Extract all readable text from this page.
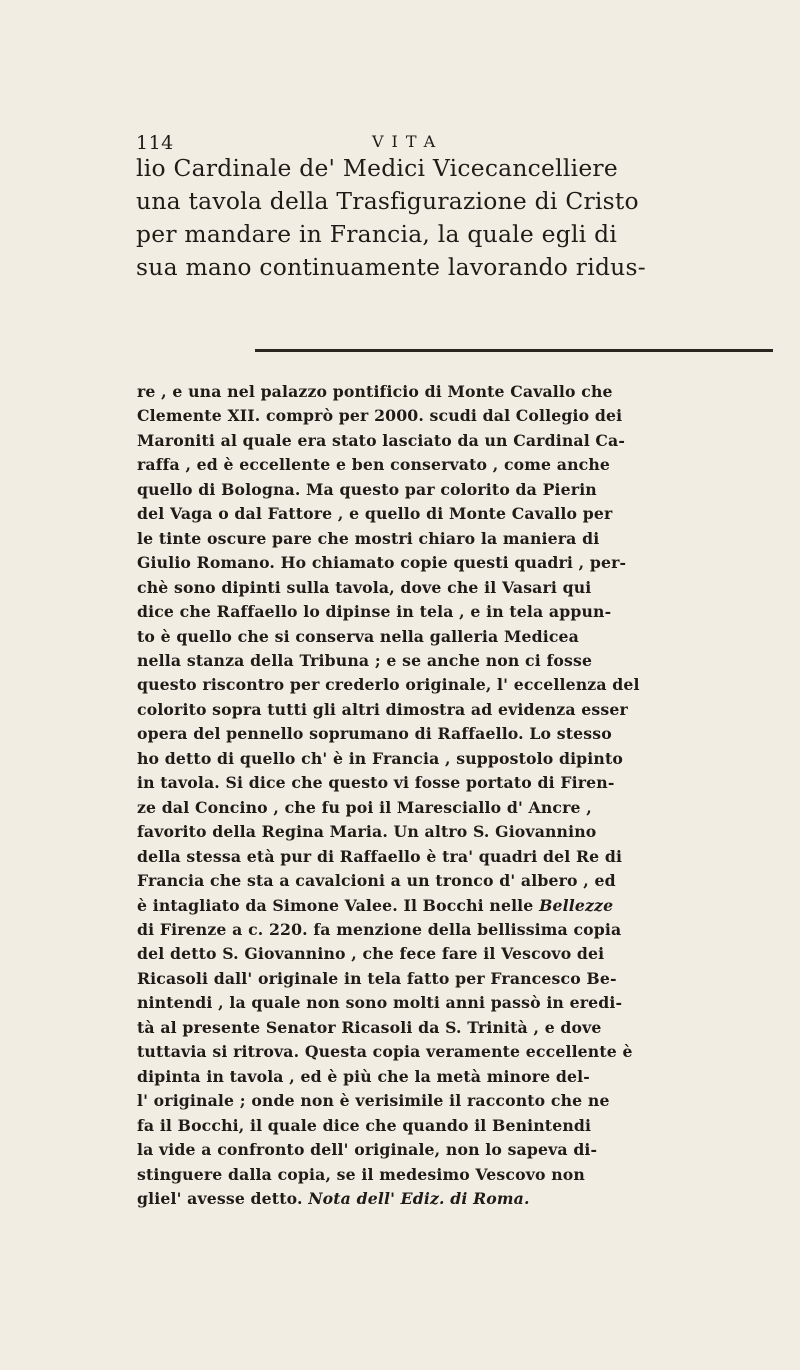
114	VITA
lio Cardinale de' Medici Vicecancelliere
una tavola della Trasfigurazione di Cristo
per mandare in Francia, la quale egli di
sua mano continuamente lavorando ridus-
re , e una nel palazzo pontificio di Monte Cavallo che
Clemente XII. comprò per 2000. scudi dal Collegio dei
Maroniti al quale era stato lasciato da un Cardinal Ca-
raffa , ed è eccellente e ben conservato , come anche
quello di Bologna. Ma questo par colorito da Pierin
del Vaga o dal Fattore , e quello di Monte Cavallo per
le tinte oscure pare che mostri chiaro la maniera di
Giulio Romano. Ho chiamato copie questi quadri , per-
chè sono dipinti sulla tavola, dove che il Vasari qui
dice che Raffaello lo dipinse in tela , e in tela appun-
to è quello che si conserva nella galleria Medicea
nella stanza della Tribuna ; e se anche non ci fosse
questo riscontro per crederlo originale, l' eccellenza del
colorito sopra tutti gli altri dimostra ad evidenza esser
opera del pennello soprumano di Raffaello. Lo stesso
ho detto di quello ch' è in Francia , suppostolo dipinto
in tavola. Si dice che questo vi fosse portato di Firen-
ze dal Concino , che fu poi il Maresciallo d' Ancre ,
favorito della Regina Maria. Un altro S. Giovannino
della stessa età pur di Raffaello è tra' quadri del Re di
Francia che sta a cavalcioni a un tronco d' albero , ed
è intagliato da Simone Valee. Il Bocchi nelle Bellezze
di Firenze a c. 220. fa menzione della bellissima copia
del detto S. Giovannino , che fece fare il Vescovo dei
Ricasoli dall' originale in tela fatto per Francesco Be-
nintendi , la quale non sono molti anni passò in eredi-
tà al presente Senator Ricasoli da S. Trinità , e dove
tuttavia si ritrova. Questa copia veramente eccellente è
dipinta in tavola , ed è più che la metà minore del-
l' originale ; onde non è verisimile il racconto che ne
fa il Bocchi, il quale dice che quando il Benintendi
la vide a confronto dell' originale, non lo sapeva di-
stinguere dalla copia, se il medesimo Vescovo non
gliel' avesse detto. Nota dell' Ediz. di Roma.
